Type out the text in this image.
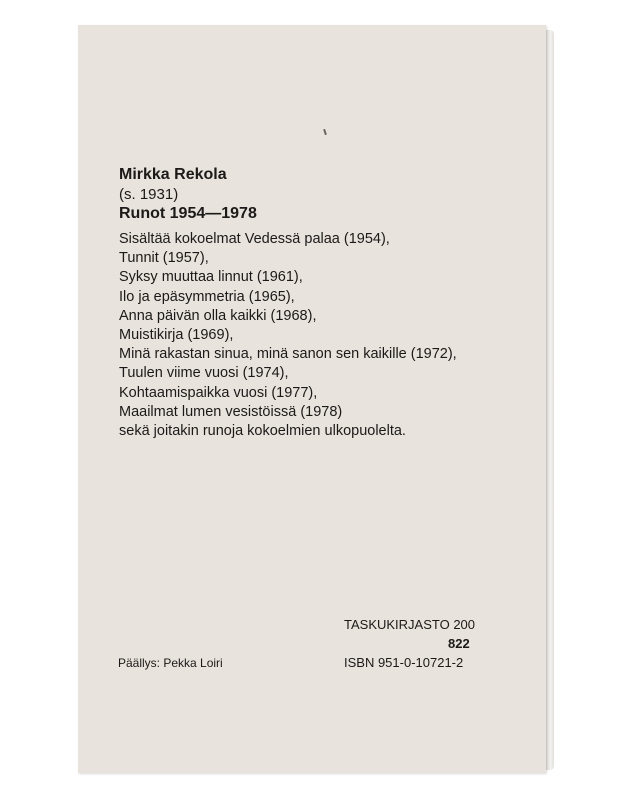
Mirkka Rekola

(s. 1931)

Runot 1954—1978

Sisältää kokoelmat Vedessä palaa (1954),
Tunnit (1957),
Syksy muuttaa linnut (1961),
Ilo ja epäsymmetria (1965),
Anna päivän olla kaikki (1968),
Muistikirja (1969),
Minä rakastan sinua, minä sanon sen kaikille (1972),
Tuulen viime vuosi (1974),
Kohtaamispaikka vuosi (1977),
Maailmat lumen vesistöissä (1978)
sekä joitakin runoja kokoelmien ulkopuolelta.
TASKUKIRJASTO 200
822
ISBN 951-0-10721-2
Päällys: Pekka Loiri
